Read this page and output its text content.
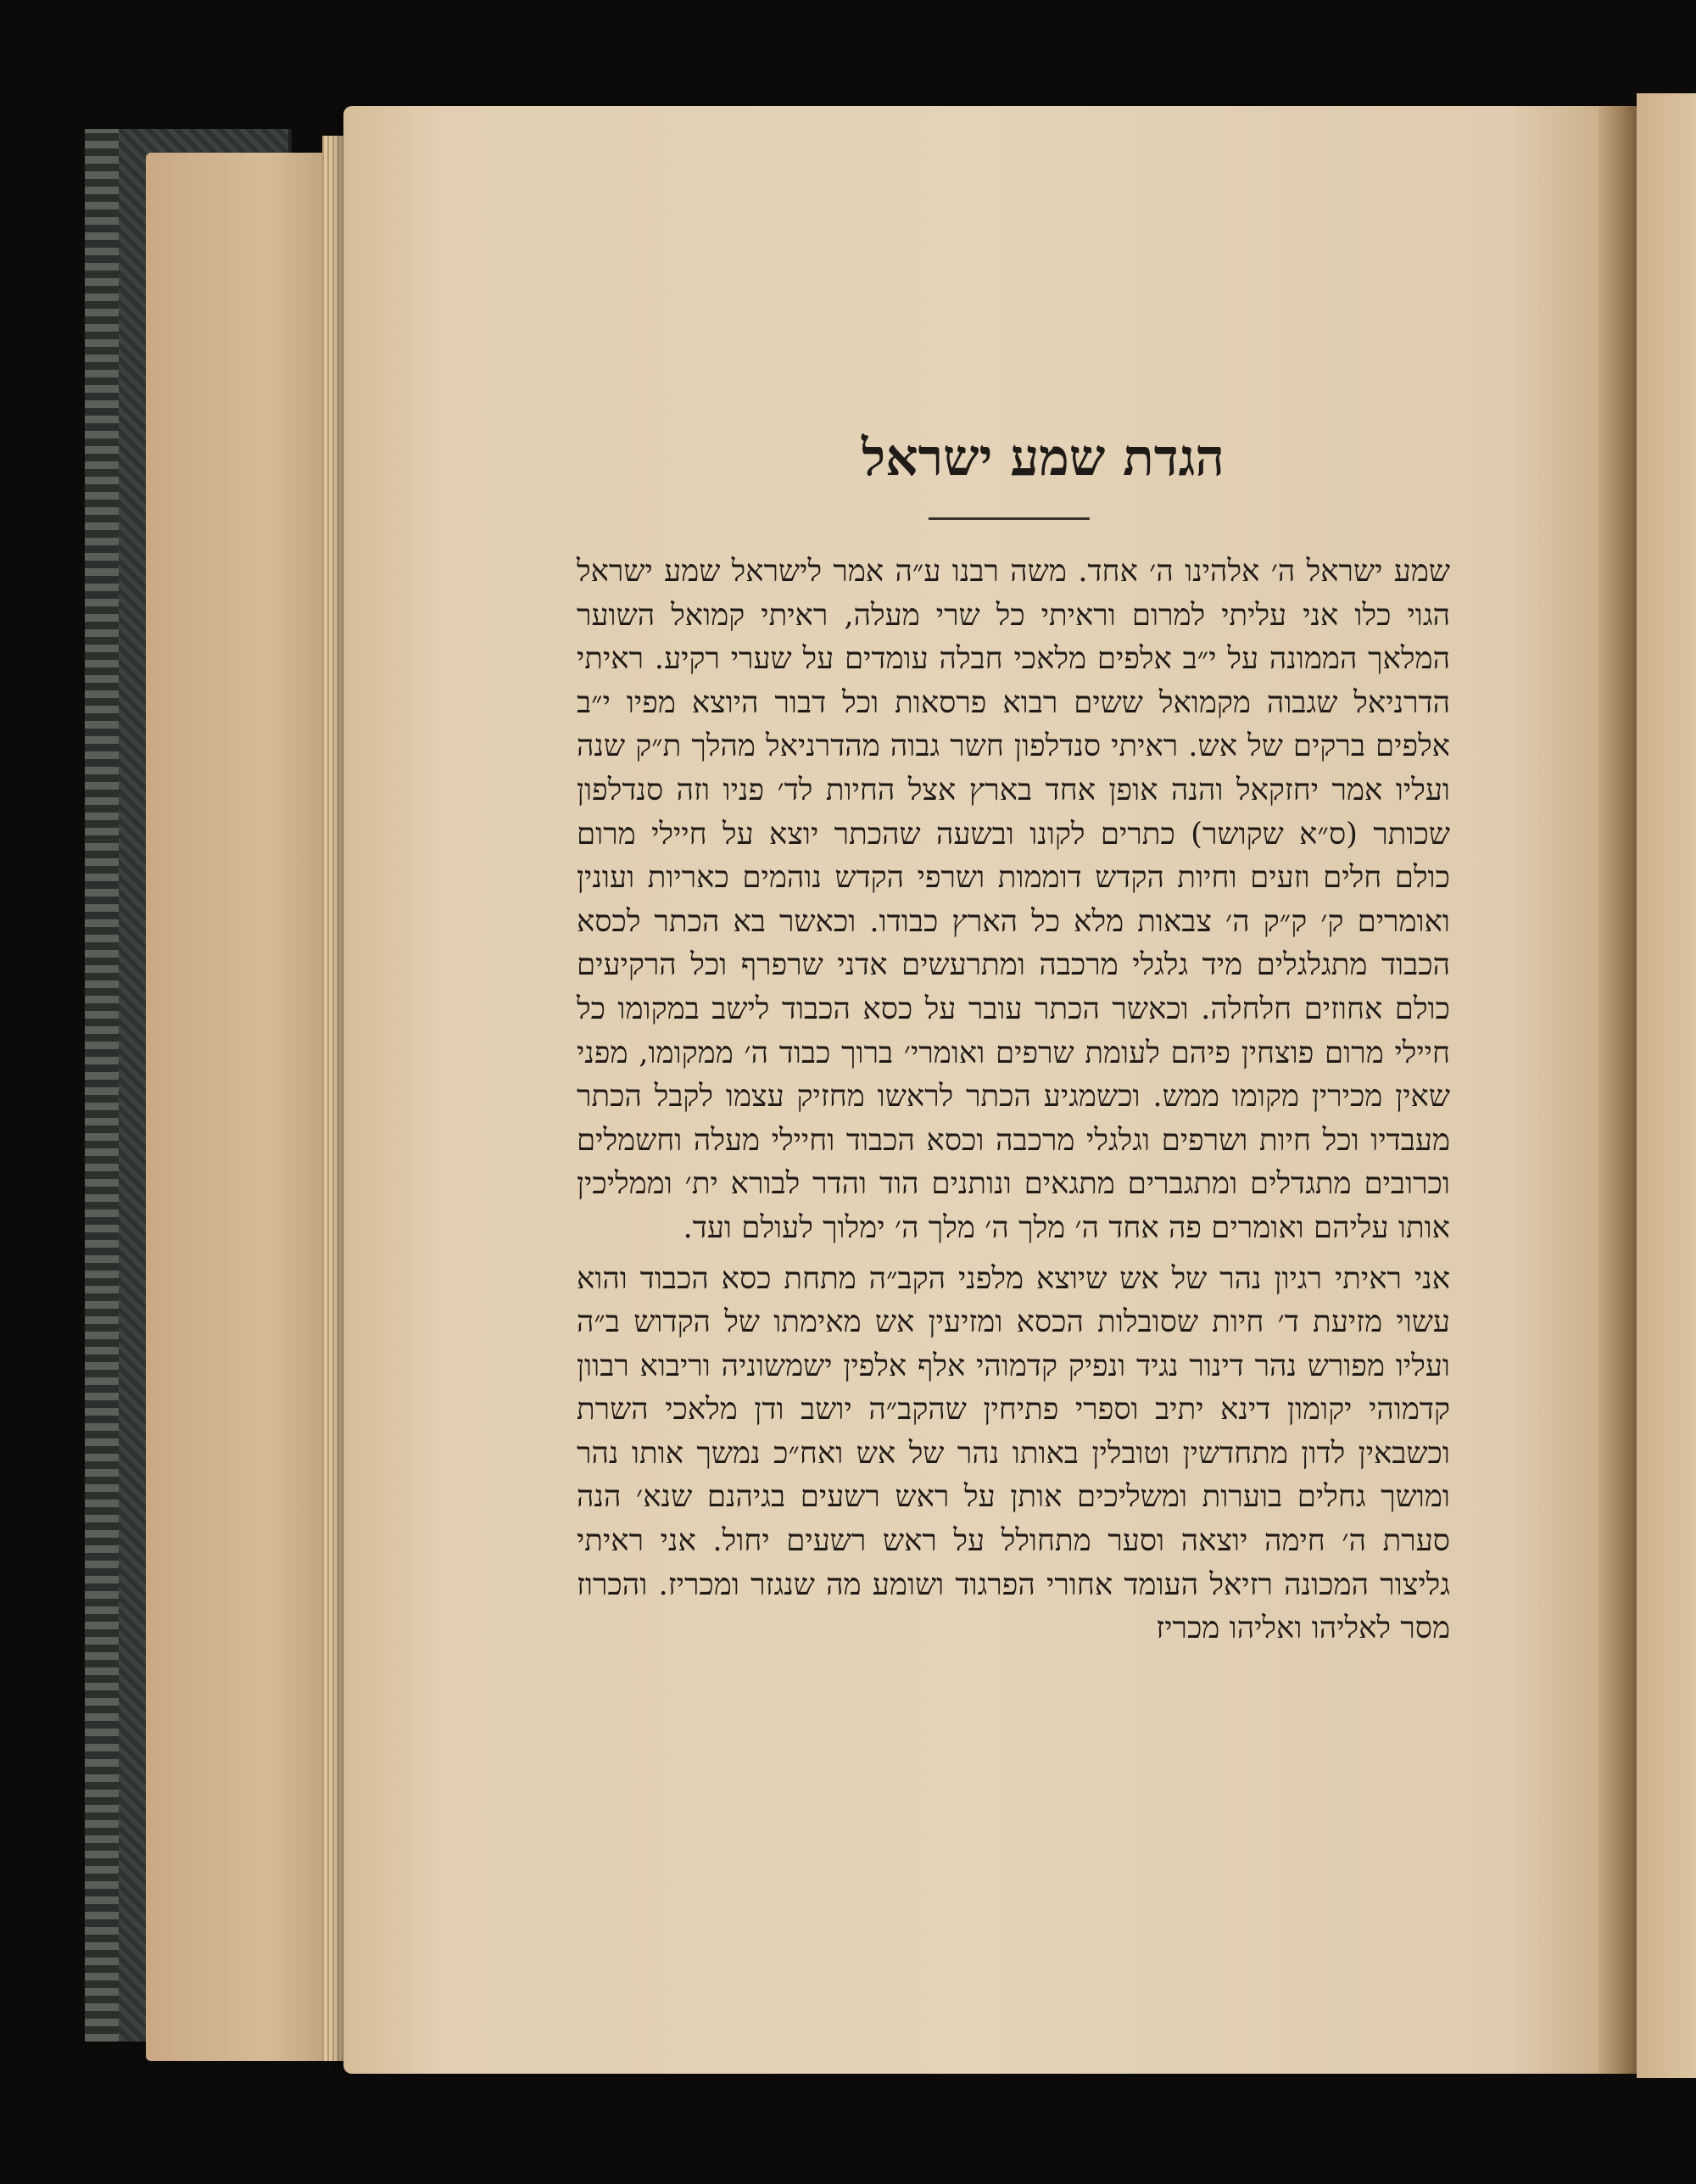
הגדת שמע ישראל

שמע ישראל ה׳ אלהינו ה׳ אחד. משה רבנו ע״ה אמר לישראל שמע ישראל הגוי כלו אני עליתי למרום וראיתי כל שרי מעלה, ראיתי קמואל השוער המלאך הממונה על י״ב אלפים מלאכי חבלה עומדים על שערי רקיע. ראיתי הדרניאל שגבוה מקמואל ששים רבוא פרסאות וכל דבור היוצא מפיו י״ב אלפים ברקים של אש. ראיתי סנדלפון חשר גבוה מהדרניאל מהלך ת״ק שנה ועליו אמר יחזקאל והנה אופן אחד בארץ אצל החיות לד׳ פניו וזה סנדלפון שכותר (ס״א שקושר) כתרים לקונו ובשעה שהכתר יוצא על חיילי מרום כולם חלים וזעים וחיות הקדש דוממות ושרפי הקדש נוהמים כאריות ועונין ואומרים ק׳ ק״ק ה׳ צבאות מלא כל הארץ כבודו. וכאשר בא הכתר לכסא הכבוד מתגלגלים מיד גלגלי מרכבה ומתרעשים אדני שרפרף וכל הרקיעים כולם אחוזים חלחלה. וכאשר הכתר עובר על כסא הכבוד לישב במקומו כל חיילי מרום פוצחין פיהם לעומת שרפים ואומרי׳ ברוך כבוד ה׳ ממקומו, מפני שאין מכירין מקומו ממש. וכשמגיע הכתר לראשו מחזיק עצמו לקבל הכתר מעבדיו וכל חיות ושרפים וגלגלי מרכבה וכסא הכבוד וחיילי מעלה וחשמלים וכרובים מתגדלים ומתגברים מתגאים ונותנים הוד והדר לבורא ית׳ וממליכין אותו עליהם ואומרים פה אחד ה׳ מלך ה׳ מלך ה׳ ימלוך לעולם ועד.

אני ראיתי רגיון נהר של אש שיוצא מלפני הקב״ה מתחת כסא הכבוד והוא עשוי מזיעת ד׳ חיות שסובלות הכסא ומזיעין אש מאימתו של הקדוש ב״ה ועליו מפורש נהר דינור נגיד ונפיק קדמוהי אלף אלפין ישמשוניה וריבוא רבוון קדמוהי יקומון דינא יתיב וספרי פתיחין שהקב״ה יושב ודן מלאכי השרת וכשבאין לדון מתחדשין וטובלין באותו נהר של אש ואח״כ נמשך אותו נהר ומושך גחלים בוערות ומשליכים אותן על ראש רשעים בגיהנם שנא׳ הנה סערת ה׳ חימה יוצאה וסער מתחולל על ראש רשעים יחול. אני ראיתי גליצור המכונה רזיאל העומד אחורי הפרגוד ושומע מה שנגזר ומכריז. והכרוז מסר לאליהו ואליהו מכריז
